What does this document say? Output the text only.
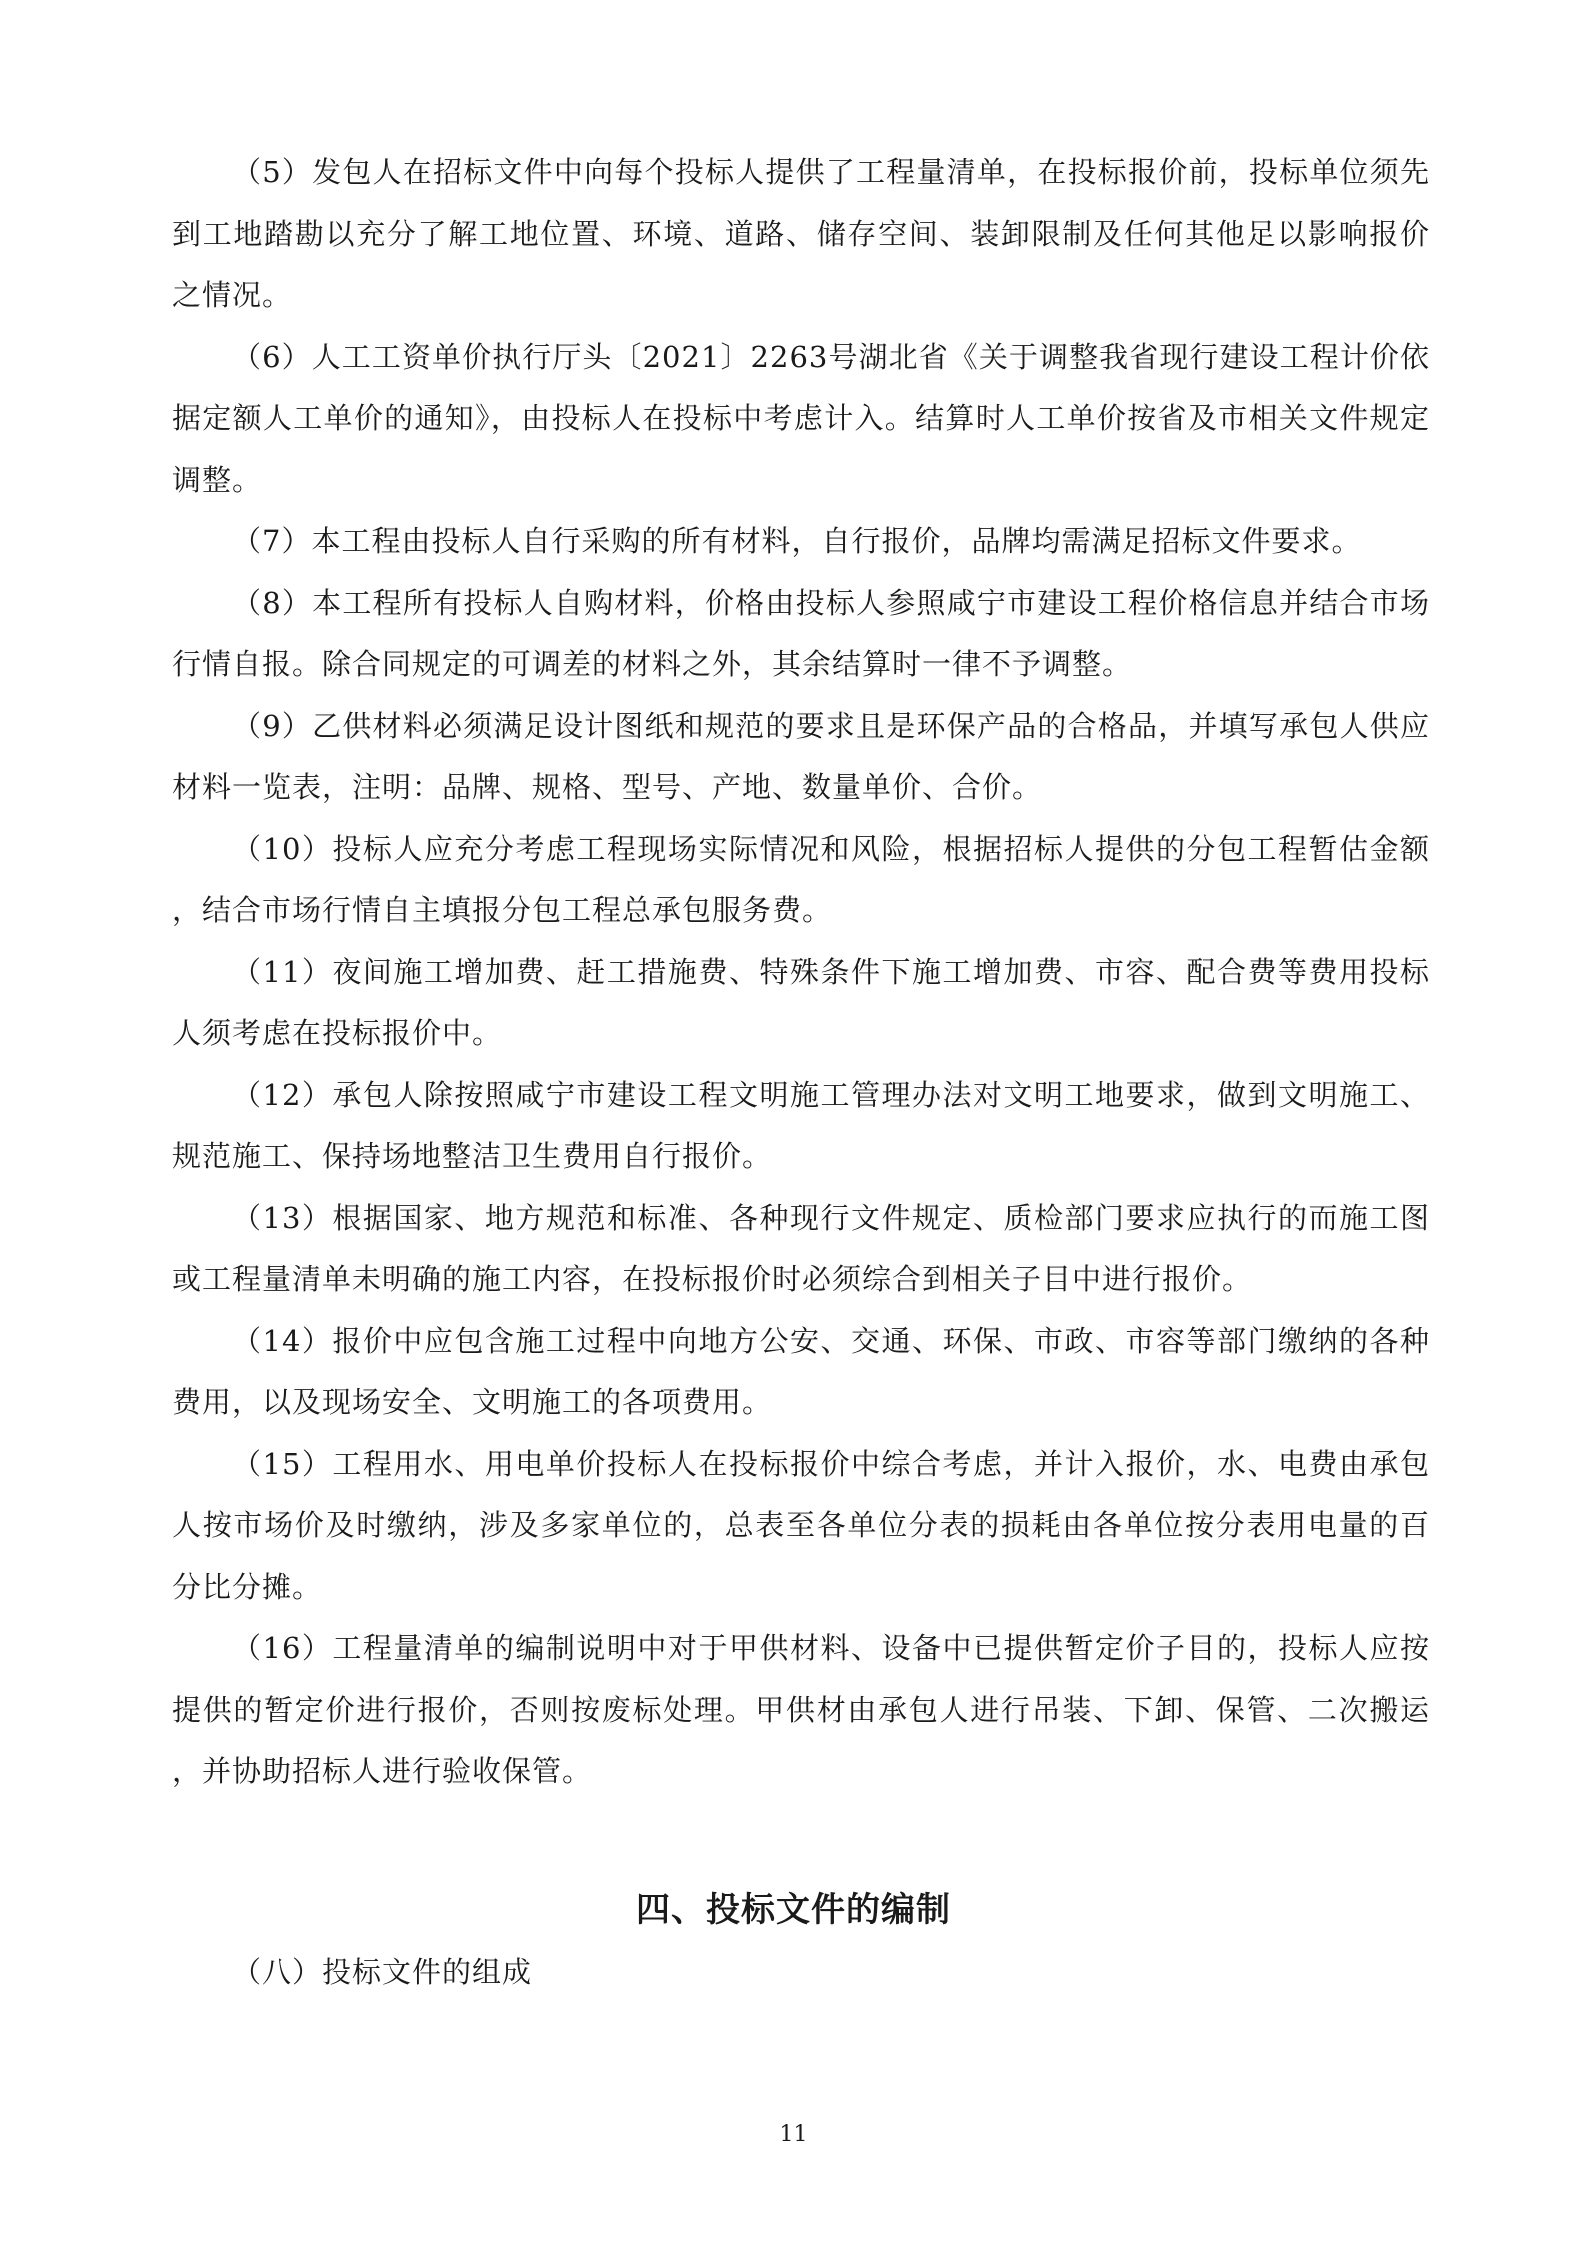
（5）发包人在招标文件中向每个投标人提供了工程量清单，在投标报价前，投标单位须先到工地踏勘以充分了解工地位置、环境、道路、储存空间、装卸限制及任何其他足以影响报价之情况。

（6）人工工资单价执行厅头〔2021〕2263号湖北省《关于调整我省现行建设工程计价依据定额人工单价的通知》，由投标人在投标中考虑计入。结算时人工单价按省及市相关文件规定调整。

（7）本工程由投标人自行采购的所有材料，自行报价，品牌均需满足招标文件要求。

（8）本工程所有投标人自购材料，价格由投标人参照咸宁市建设工程价格信息并结合市场行情自报。除合同规定的可调差的材料之外，其余结算时一律不予调整。

（9）乙供材料必须满足设计图纸和规范的要求且是环保产品的合格品，并填写承包人供应材料一览表，注明：品牌、规格、型号、产地、数量单价、合价。

（10）投标人应充分考虑工程现场实际情况和风险，根据招标人提供的分包工程暂估金额，结合市场行情自主填报分包工程总承包服务费。

（11）夜间施工增加费、赶工措施费、特殊条件下施工增加费、市容、配合费等费用投标人须考虑在投标报价中。

（12）承包人除按照咸宁市建设工程文明施工管理办法对文明工地要求，做到文明施工、规范施工、保持场地整洁卫生费用自行报价。

（13）根据国家、地方规范和标准、各种现行文件规定、质检部门要求应执行的而施工图或工程量清单未明确的施工内容，在投标报价时必须综合到相关子目中进行报价。

（14）报价中应包含施工过程中向地方公安、交通、环保、市政、市容等部门缴纳的各种费用，以及现场安全、文明施工的各项费用。

（15）工程用水、用电单价投标人在投标报价中综合考虑，并计入报价，水、电费由承包人按市场价及时缴纳，涉及多家单位的，总表至各单位分表的损耗由各单位按分表用电量的百分比分摊。

（16）工程量清单的编制说明中对于甲供材料、设备中已提供暂定价子目的，投标人应按提供的暂定价进行报价，否则按废标处理。甲供材由承包人进行吊装、下卸、保管、二次搬运，并协助招标人进行验收保管。

四、投标文件的编制
（八）投标文件的组成
11
